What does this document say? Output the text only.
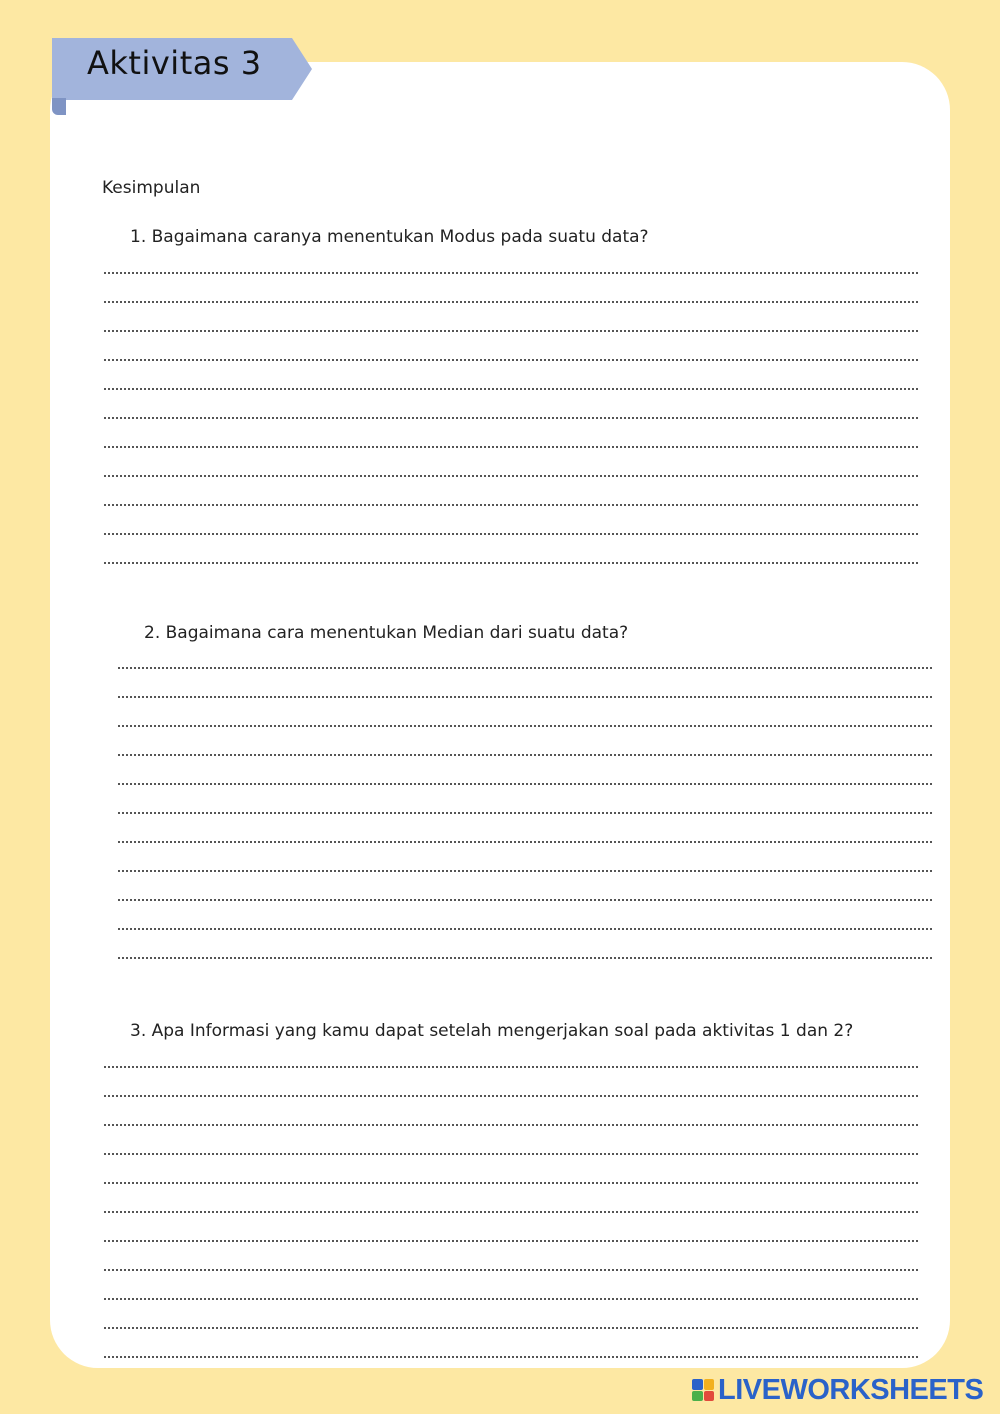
Aktivitas 3
Kesimpulan
1. Bagaimana caranya menentukan Modus pada suatu data?
2. Bagaimana cara menentukan Median dari suatu data?
3. Apa Informasi yang kamu dapat setelah mengerjakan soal pada aktivitas 1 dan 2?
LIVEWORKSHEETS
